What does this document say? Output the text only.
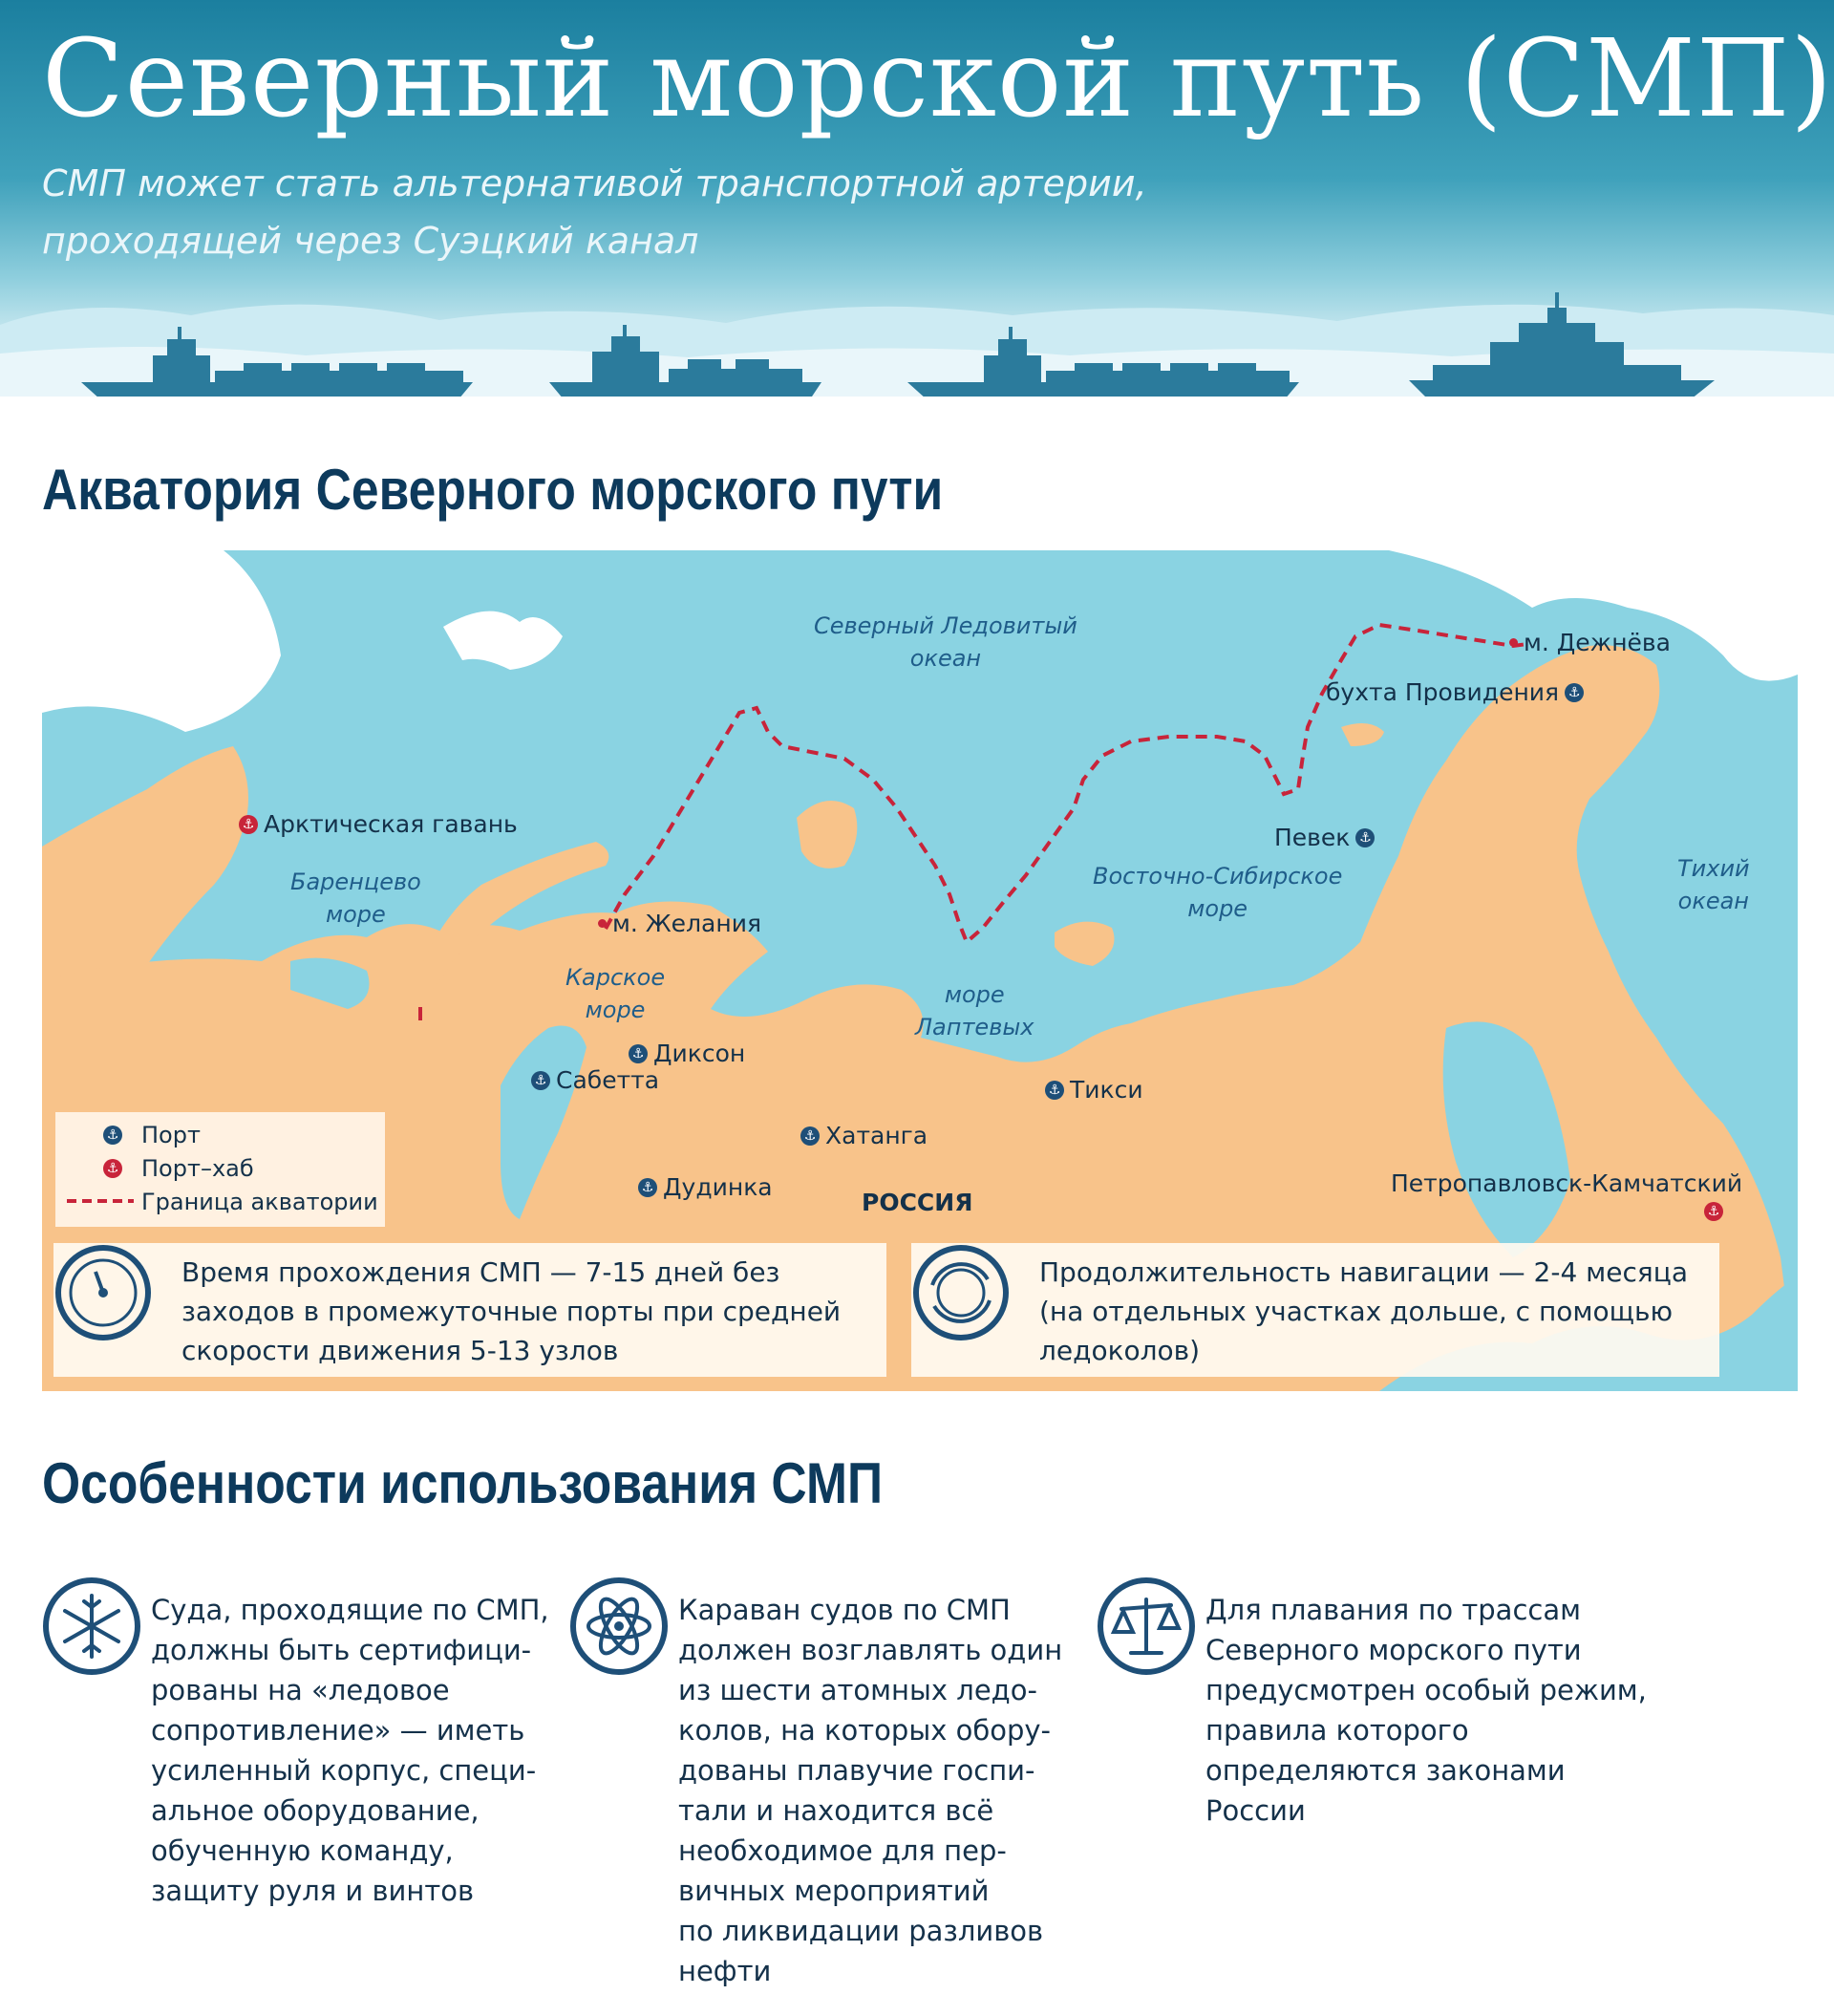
Северный морской путь (СМП)
СМП может стать альтернативой транспортной артерии, проходящей через Суэцкий канал
Акватория Северного морского пути
Северный Ледовитый
океан
Баренцево
море
Карское
море
море
Лаптевых
Восточно-Сибирское
море
Тихий
океан
⚓ Арктическая гавань
м. Желания
м. Дежнёва
бухта Провидения ⚓
Певек ⚓
⚓ Диксон
⚓ Сабетта	⚓ Тикси
⚓ Хатанга
⚓ Дудинка	Петропавловск-Камчатский
⚓
РОССИЯ
⚓ Порт
⚓ Порт–хаб
Граница акватории
Время прохождения СМП — 7-15 дней без заходов в промежуточные порты при средней скорости движения 5-13 узлов
Продолжительность навигации — 2-4 месяца (на отдельных участках дольше, с помощью ледоколов)
Особенности использования СМП
Суда, проходящие по СМП,
должны быть сертифици-
рованы на «ледовое
сопротивление» — иметь
усиленный корпус, специ-
альное оборудование,
обученную команду,
защиту руля и винтов
Караван судов по СМП
должен возглавлять один
из шести атомных ледо-
колов, на которых обору-
дованы плавучие госпи-
тали и находится всё
необходимое для пер-
вичных мероприятий
по ликвидации разливов
нефти
Для плавания по трассам
Северного морского пути
предусмотрен особый режим,
правила которого
определяются законами
России
